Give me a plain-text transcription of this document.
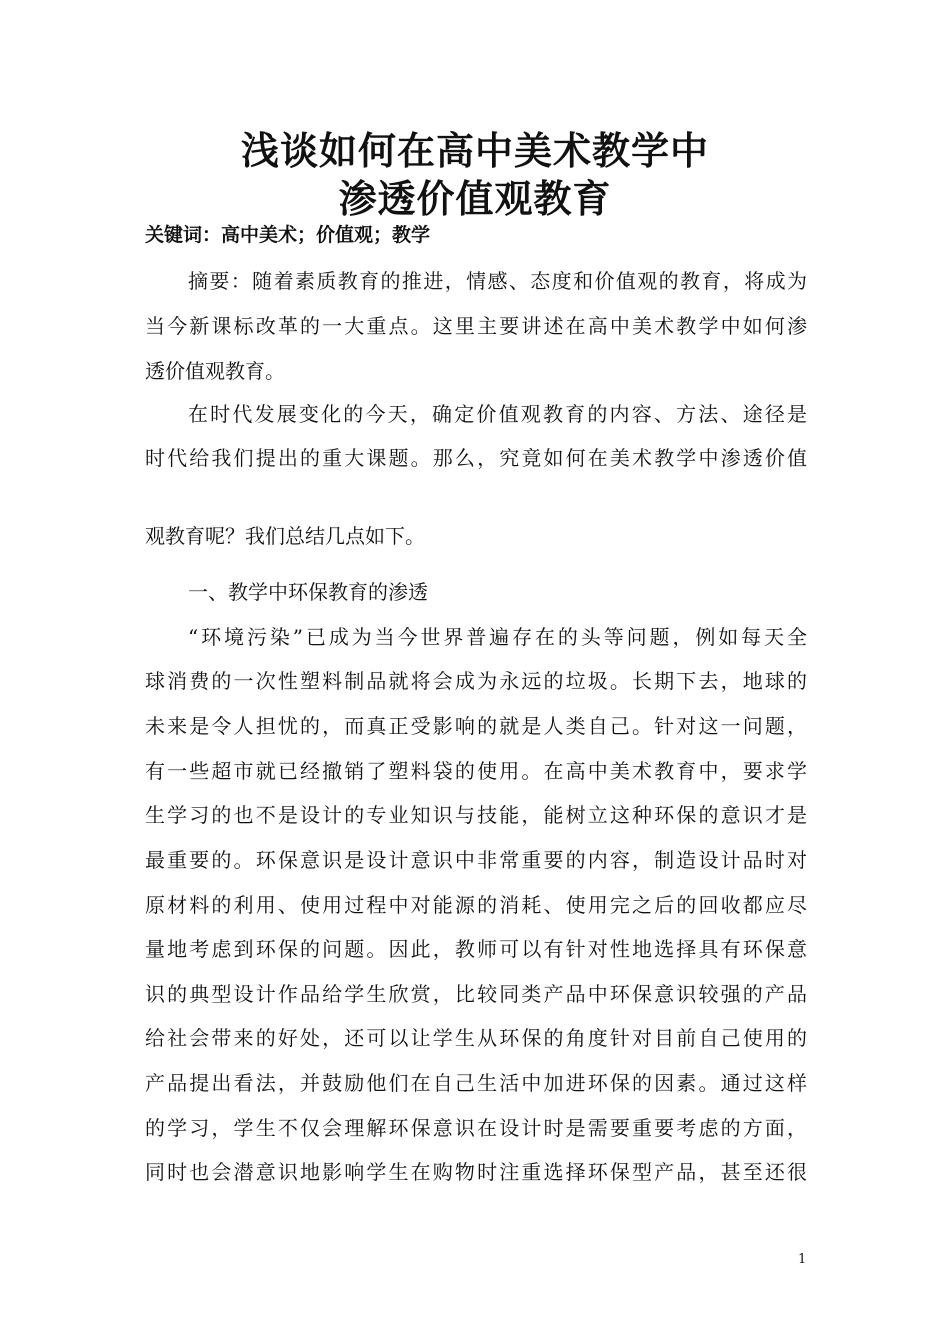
浅谈如何在高中美术教学中
渗透价值观教育
关键词：高中美术；价值观；教学
摘要：随着素质教育的推进，情感、态度和价值观的教育，将成为
当今新课标改革的一大重点。这里主要讲述在高中美术教学中如何渗
透价值观教育。
在时代发展变化的今天，确定价值观教育的内容、方法、途径是
时代给我们提出的重大课题。那么，究竟如何在美术教学中渗透价值
观教育呢？我们总结几点如下。
一、教学中环保教育的渗透
“环境污染”已成为当今世界普遍存在的头等问题，例如每天全
球消费的一次性塑料制品就将会成为永远的垃圾。长期下去，地球的
未来是令人担忧的，而真正受影响的就是人类自己。针对这一问题，
有一些超市就已经撤销了塑料袋的使用。在高中美术教育中，要求学
生学习的也不是设计的专业知识与技能，能树立这种环保的意识才是
最重要的。环保意识是设计意识中非常重要的内容，制造设计品时对
原材料的利用、使用过程中对能源的消耗、使用完之后的回收都应尽
量地考虑到环保的问题。因此，教师可以有针对性地选择具有环保意
识的典型设计作品给学生欣赏，比较同类产品中环保意识较强的产品
给社会带来的好处，还可以让学生从环保的角度针对目前自己使用的
产品提出看法，并鼓励他们在自己生活中加进环保的因素。通过这样
的学习，学生不仅会理解环保意识在设计时是需要重要考虑的方面，
同时也会潜意识地影响学生在购物时注重选择环保型产品，甚至还很
1
